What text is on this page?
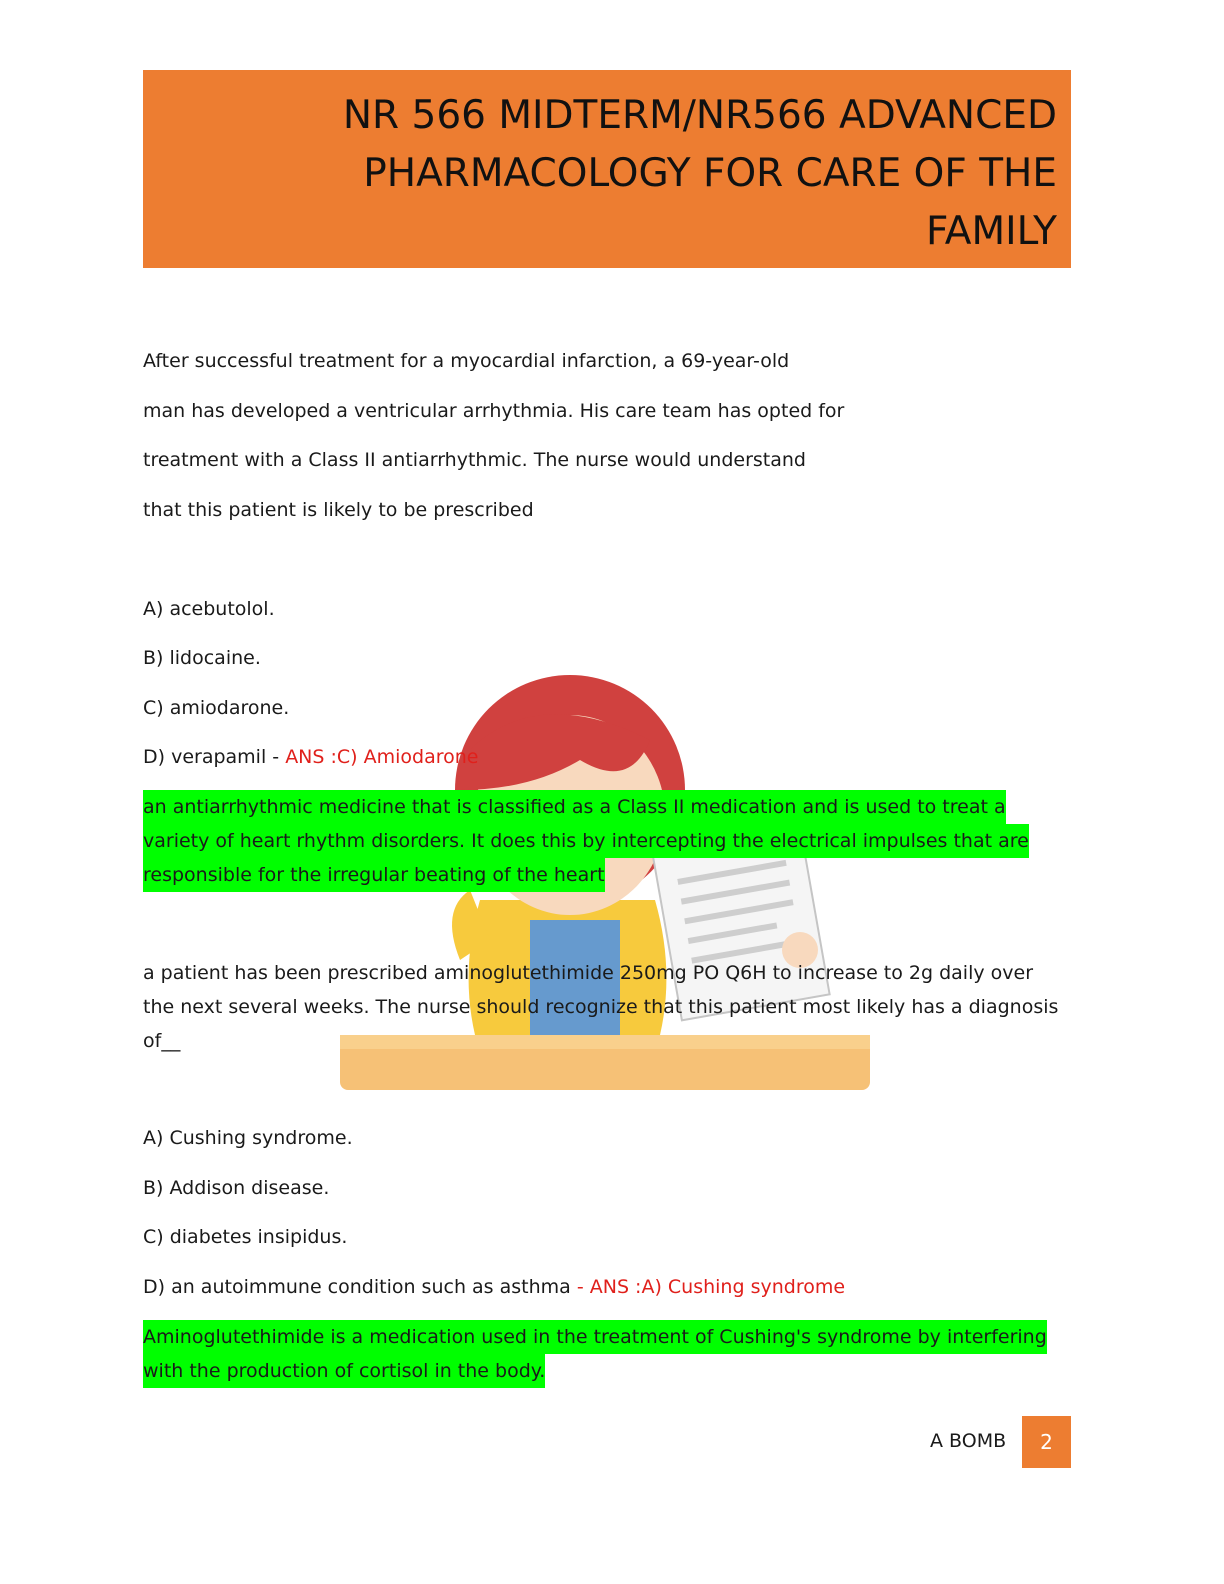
NR 566 MIDTERM/NR566 ADVANCED
PHARMACOLOGY FOR CARE OF THE
FAMILY

After successful treatment for a myocardial infarction, a 69-year-old

man has developed a ventricular arrhythmia. His care team has opted for

treatment with a Class II antiarrhythmic. The nurse would understand

that this patient is likely to be prescribed

A) acebutolol.

B) lidocaine.

C) amiodarone.

D) verapamil - ANS :C) Amiodarone

an antiarrhythmic medicine that is classified as a Class II medication and is used to treat a
variety of heart rhythm disorders. It does this by intercepting the electrical impulses that are
responsible for the irregular beating of the heart
a patient has been prescribed aminoglutethimide 250mg PO Q6H to increase to 2g daily over
the next several weeks. The nurse should recognize that this patient most likely has a diagnosis
of__

A) Cushing syndrome.

B) Addison disease.

C) diabetes insipidus.

D) an autoimmune condition such as asthma - ANS :A) Cushing syndrome

Aminoglutethimide is a medication used in the treatment of Cushing's syndrome by interfering
with the production of cortisol in the body.
A BOMB	2
